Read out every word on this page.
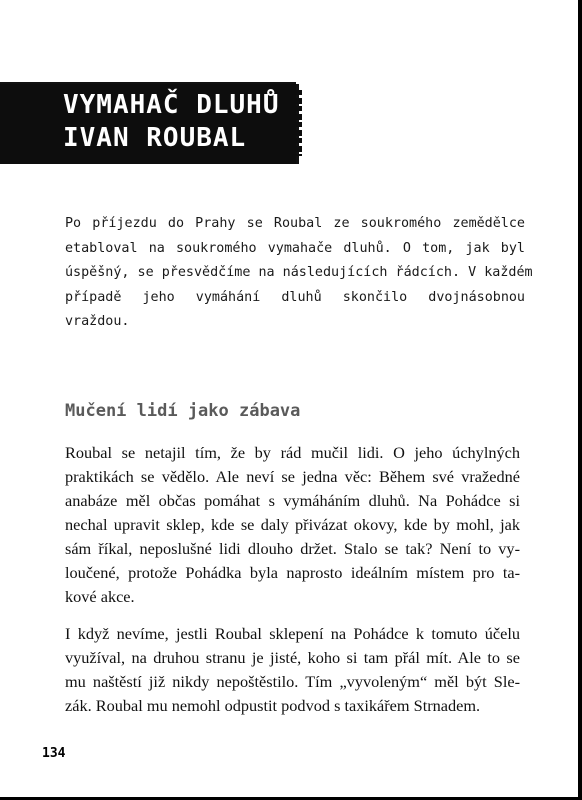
VYMAHAČ DLUHŮ
IVAN ROUBAL
Po příjezdu do Prahy se Roubal ze soukromého zemědělce
etabloval na soukromého vymahače dluhů. O tom, jak byl
úspěšný, se přesvědčíme na následujících řádcích. V každém
případě jeho vymáhání dluhů skončilo dvojnásobnou
vraždou.
Mučení lidí jako zábava
Roubal se netajil tím, že by rád mučil lidi. O jeho úchylných
praktikách se vědělo. Ale neví se jedna věc: Během své vražedné
anabáze měl občas pomáhat s vymáháním dluhů. Na Pohádce si
nechal upravit sklep, kde se daly přivázat okovy, kde by mohl, jak
sám říkal, neposlušné lidi dlouho držet. Stalo se tak? Není to vy-
loučené, protože Pohádka byla naprosto ideálním místem pro ta-
kové akce.
I když nevíme, jestli Roubal sklepení na Pohádce k tomuto účelu
využíval, na druhou stranu je jisté, koho si tam přál mít. Ale to se
mu naštěstí již nikdy nepoštěstilo. Tím „vyvoleným“ měl být Sle-
zák. Roubal mu nemohl odpustit podvod s taxikářem Strnadem.
134
